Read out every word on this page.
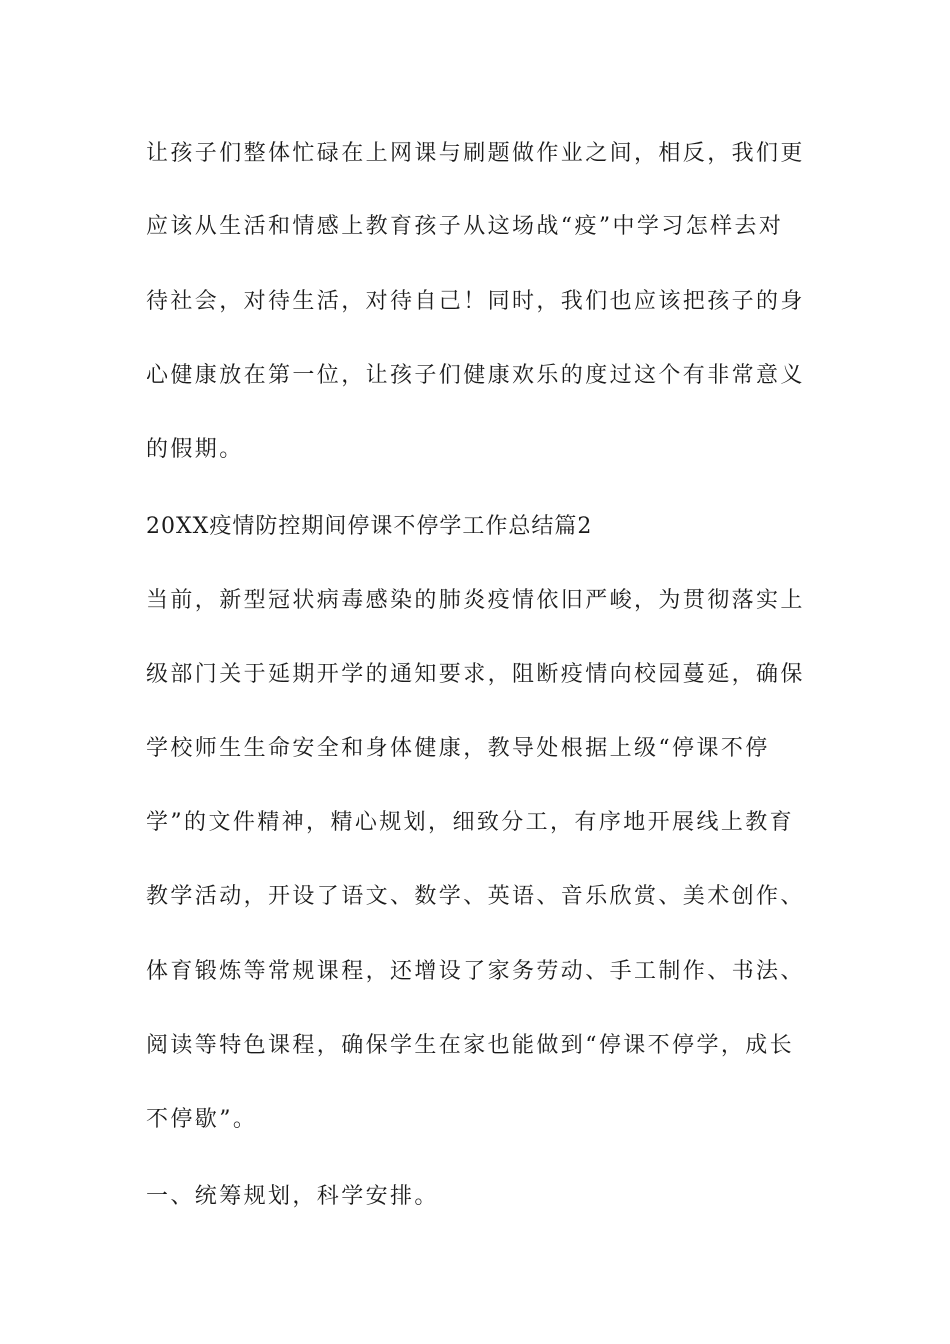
让孩子们整体忙碌在上网课与刷题做作业之间，相反，我们更
应该从生活和情感上教育孩子从这场战“疫”中学习怎样去对
待社会，对待生活，对待自己！同时，我们也应该把孩子的身
心健康放在第一位，让孩子们健康欢乐的度过这个有非常意义
的假期。
20XX疫情防控期间停课不停学工作总结篇2
当前，新型冠状病毒感染的肺炎疫情依旧严峻，为贯彻落实上
级部门关于延期开学的通知要求，阻断疫情向校园蔓延，确保
学校师生生命安全和身体健康，教导处根据上级“停课不停
学”的文件精神，精心规划，细致分工，有序地开展线上教育
教学活动，开设了语文、数学、英语、音乐欣赏、美术创作、
体育锻炼等常规课程，还增设了家务劳动、手工制作、书法、
阅读等特色课程，确保学生在家也能做到“停课不停学，成长
不停歇”。
一、统筹规划，科学安排。
